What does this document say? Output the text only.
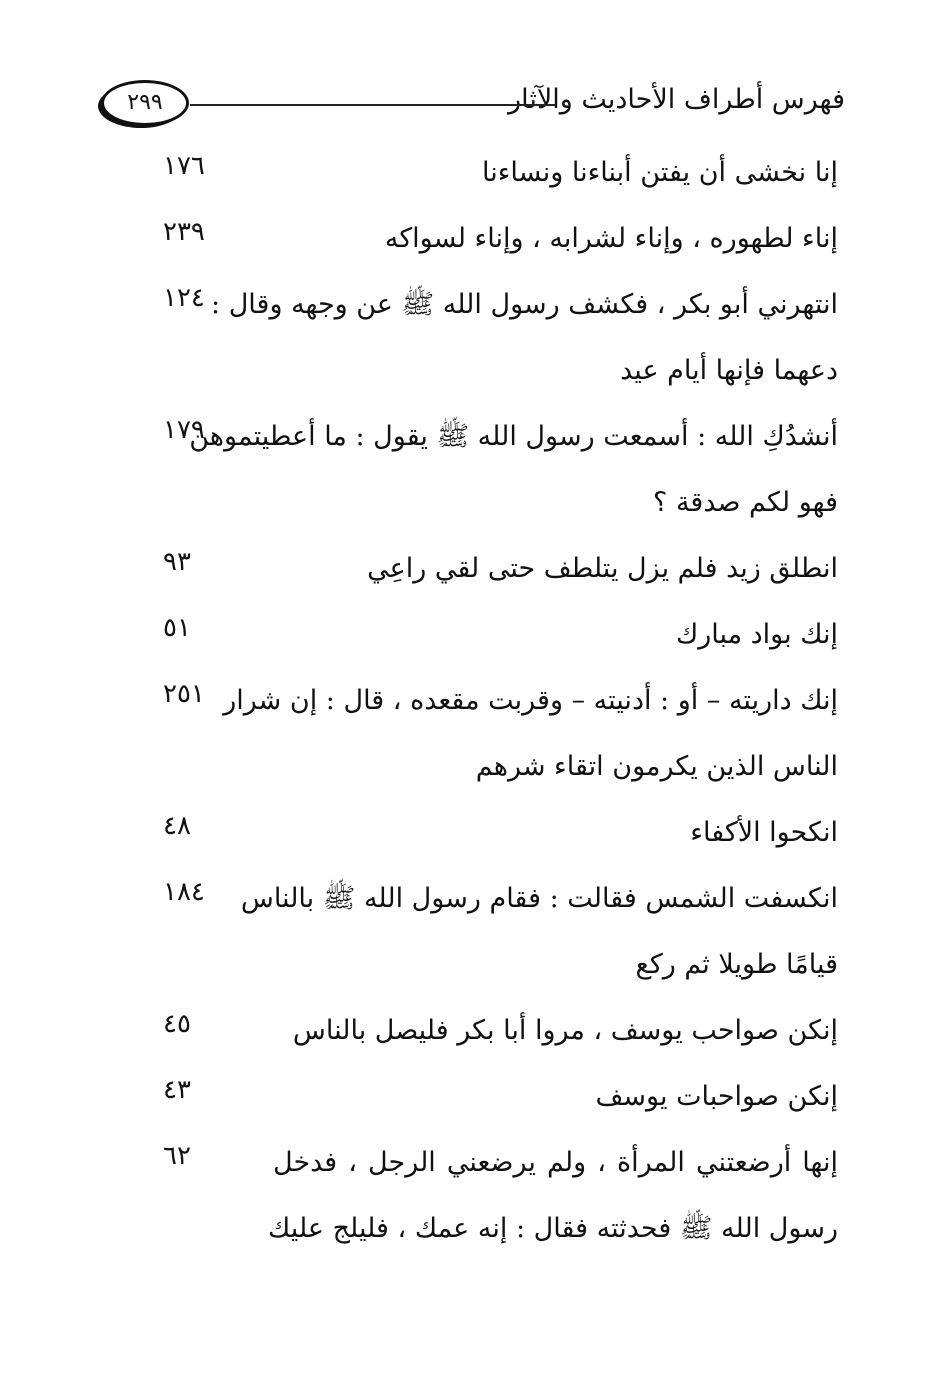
فهرس أطراف الأحاديث والآثار
٢٩٩
إنا نخشى أن يفتن أبناءنا ونساءنا
١٧٦
إناء لطهوره ، وإناء لشرابه ، وإناء لسواكه
٢٣٩
انتهرني أبو بكر ، فكشف رسول الله ﷺ عن وجهه وقال :
دعهما فإنها أيام عيد
١٢٤
أنشدُكِ الله : أسمعت رسول الله ﷺ يقول : ما أعطيتموهن
فهو لكم صدقة ؟
١٧٩
انطلق زيد فلم يزل يتلطف حتى لقي راعِي
٩٣
إنك بواد مبارك
٥١
إنك داريته – أو : أدنيته – وقربت مقعده ، قال : إن شرار
الناس الذين يكرمون اتقاء شرهم
٢٥١
انكحوا الأكفاء
٤٨
انكسفت الشمس فقالت : فقام رسول الله ﷺ بالناس
قيامًا طويلا ثم ركع
١٨٤
إنكن صواحب يوسف ، مروا أبا بكر فليصل بالناس
٤٥
إنكن صواحبات يوسف
٤٣
إنها أرضعتني المرأة ، ولم يرضعني الرجل ، فدخل
رسول الله ﷺ فحدثته فقال : إنه عمك ، فليلج عليك
٦٢
